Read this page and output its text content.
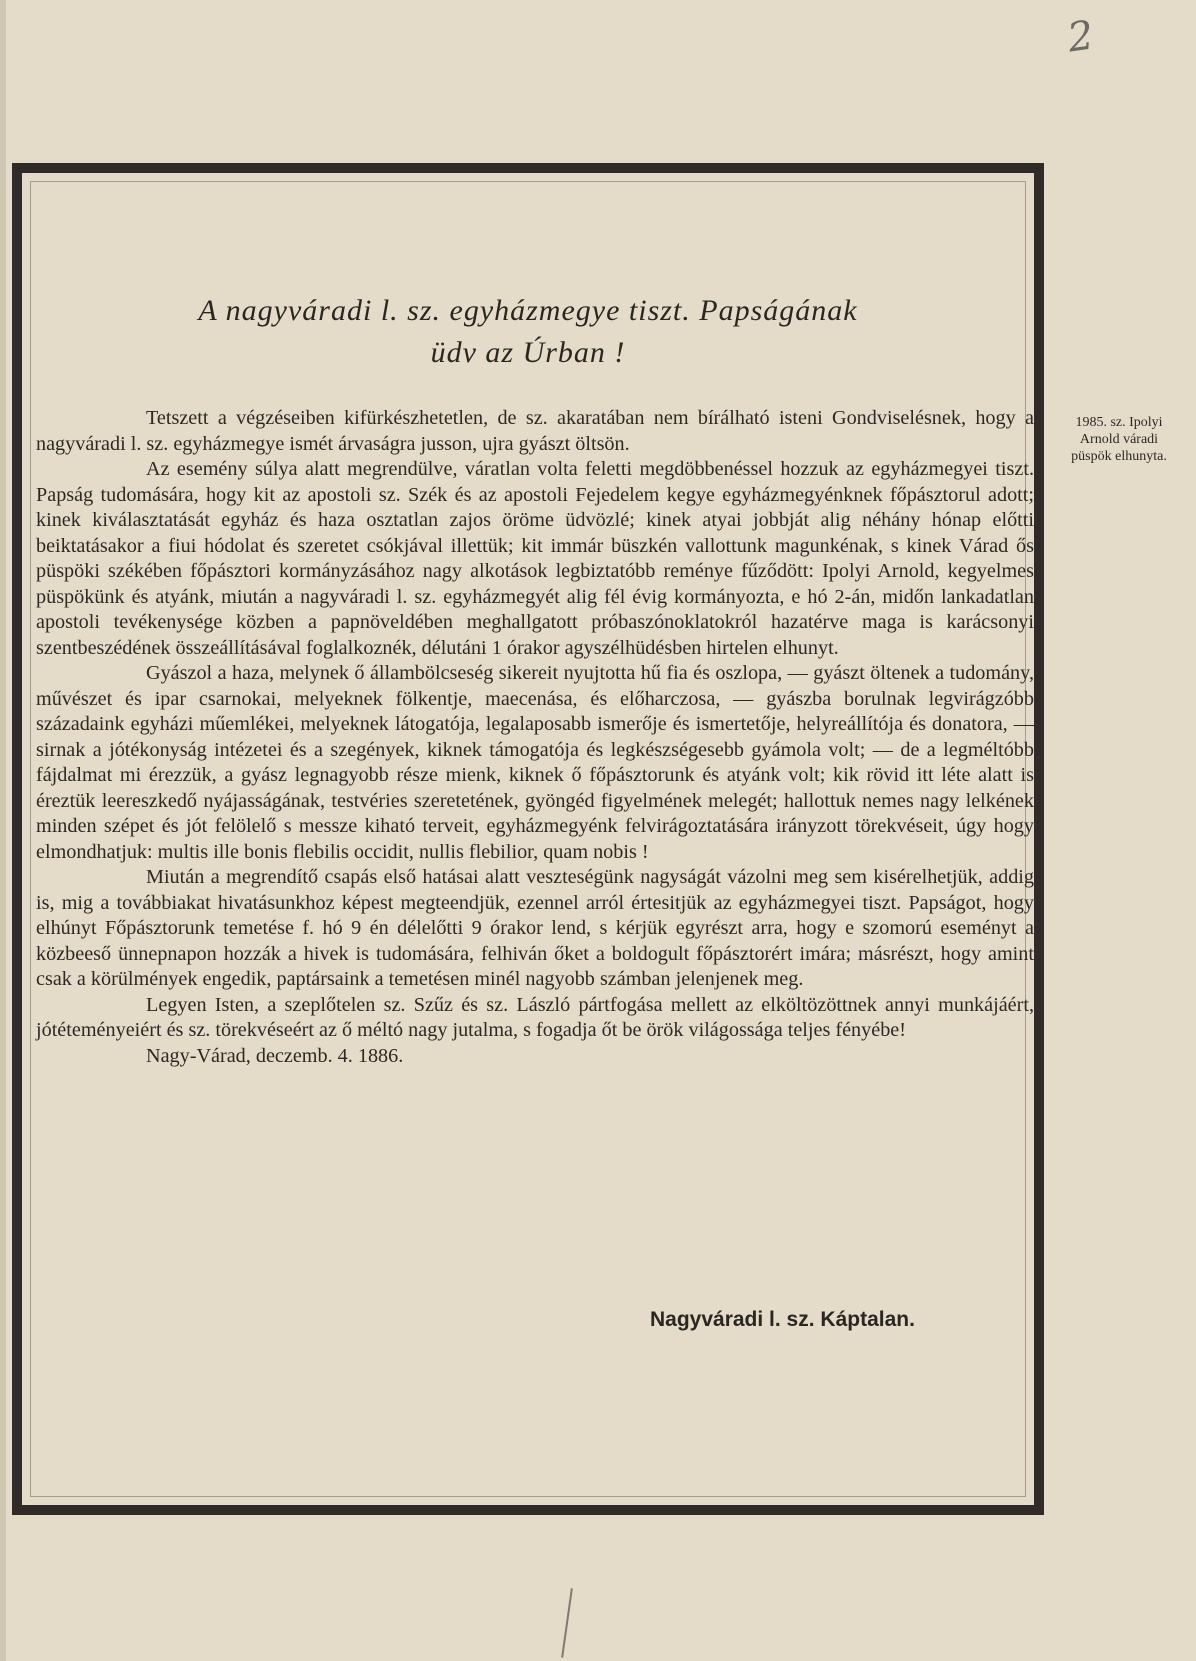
2
A nagyváradi l. sz. egyházmegye tiszt. Papságának
üdv az Úrban !

Tetszett a végzéseiben kifürkészhetetlen, de sz. akaratában nem bírálható isteni Gondviselésnek, hogy a nagyváradi l. sz. egyházmegye ismét árvaságra jusson, ujra gyászt öltsön.

Az esemény súlya alatt megrendülve, váratlan volta feletti megdöbbenéssel hozzuk az egyházmegyei tiszt. Papság tudomására, hogy kit az apostoli sz. Szék és az apostoli Fejedelem kegye egyházmegyénknek főpásztorul adott; kinek kiválasztatását egyház és haza osztatlan zajos öröme üdvözlé; kinek atyai jobbját alig néhány hónap előtti beiktatásakor a fiui hódolat és szeretet csókjával illettük; kit immár büszkén vallottunk magunkénak, s kinek Várad ős püspöki székében főpásztori kormányzásához nagy alkotások legbiztatóbb reménye fűződött: Ipolyi Arnold, kegyelmes püspökünk és atyánk, miután a nagyváradi l. sz. egyházmegyét alig fél évig kormányozta, e hó 2-án, midőn lankadatlan apostoli tevékenysége közben a papnöveldében meghallgatott próbaszónoklatokról hazatérve maga is karácsonyi szentbeszédének összeállításával foglalkoznék, délutáni 1 órakor agyszélhüdésben hirtelen elhunyt.

Gyászol a haza, melynek ő állambölcseség sikereit nyujtotta hű fia és oszlopa, — gyászt öltenek a tudomány, művészet és ipar csarnokai, melyeknek fölkentje, maecenása, és előharczosa, — gyászba borulnak legvirágzóbb századaink egyházi műemlékei, melyeknek látogatója, legalaposabb ismerője és ismertetője, helyreállítója és donatora, — sirnak a jótékonyság intézetei és a szegények, kiknek támogatója és legkészségesebb gyámola volt; — de a legméltóbb fájdalmat mi érezzük, a gyász legnagyobb része mienk, kiknek ő főpásztorunk és atyánk volt; kik rövid itt léte alatt is éreztük leereszkedő nyájasságának, testvéries szeretetének, gyöngéd figyelmének melegét; hallottuk nemes nagy lelkének minden szépet és jót felölelő s messze kiható terveit, egyházmegyénk felvirágoztatására irányzott törekvéseit, úgy hogy elmondhatjuk: multis ille bonis flebilis occidit, nullis flebilior, quam nobis !

Miután a megrendítő csapás első hatásai alatt veszteségünk nagyságát vázolni meg sem kisérelhetjük, addig is, mig a továbbiakat hivatásunkhoz képest megteendjük, ezennel arról értesitjük az egyházmegyei tiszt. Papságot, hogy elhúnyt Főpásztorunk temetése f. hó 9 én délelőtti 9 órakor lend, s kérjük egyrészt arra, hogy e szomorú eseményt a közbeeső ünnepnapon hozzák a hivek is tudomására, felhiván őket a boldogult főpásztorért imára; másrészt, hogy amint csak a körülmények engedik, paptársaink a temetésen minél nagyobb számban jelenjenek meg.

Legyen Isten, a szeplőtelen sz. Szűz és sz. László pártfogása mellett az elköltözöttnek annyi munkájáért, jótéteményeiért és sz. törekvéseért az ő méltó nagy jutalma, s fogadja őt be örök világossága teljes fényébe!

Nagy-Várad, deczemb. 4. 1886.

Nagyváradi l. sz. Káptalan.
1985. sz. Ipolyi Arnold váradi püspök elhunyta.
